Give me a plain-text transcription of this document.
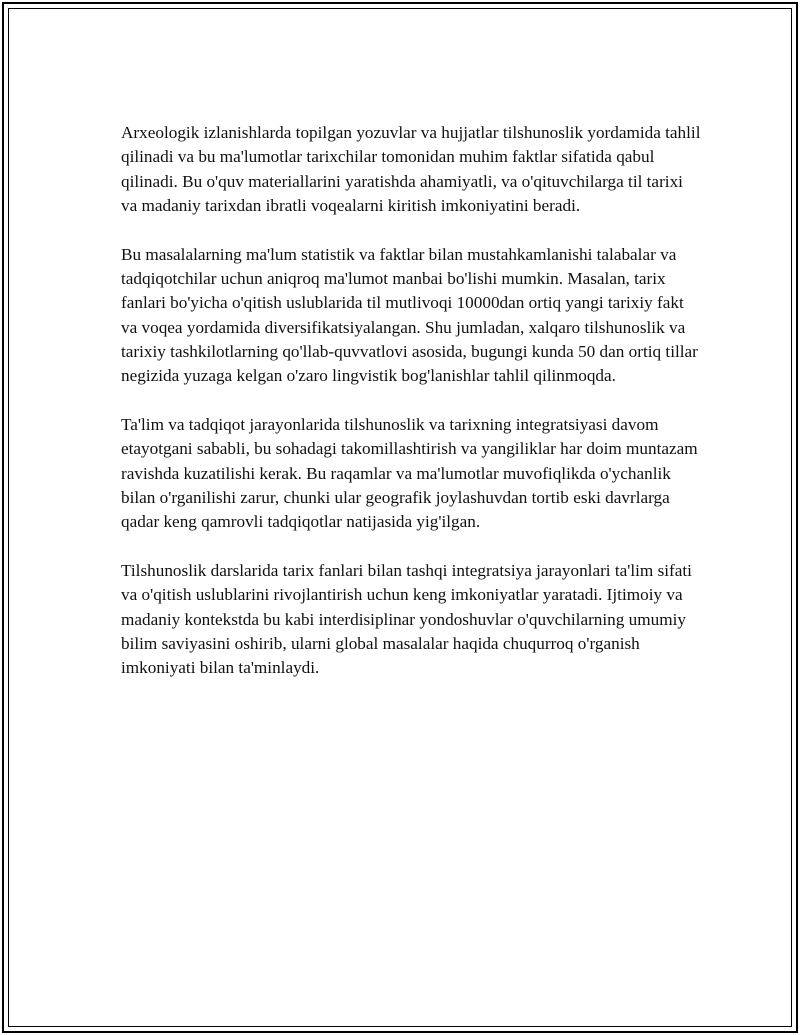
Arxeologik izlanishlarda topilgan yozuvlar va hujjatlar tilshunoslik yordamida tahlil qilinadi va bu ma'lumotlar tarixchilar tomonidan muhim faktlar sifatida qabul qilinadi. Bu o'quv materiallarini yaratishda ahamiyatli, va o'qituvchilarga til tarixi va madaniy tarixdan ibratli voqealarni kiritish imkoniyatini beradi.

Bu masalalarning ma'lum statistik va faktlar bilan mustahkamlanishi talabalar va tadqiqotchilar uchun aniqroq ma'lumot manbai bo'lishi mumkin. Masalan, tarix fanlari bo'yicha o'qitish uslublarida til mutlivoqi 10000dan ortiq yangi tarixiy fakt va voqea yordamida diversifikatsiyalangan. Shu jumladan, xalqaro tilshunoslik va tarixiy tashkilotlarning qo'llab-quvvatlovi asosida, bugungi kunda 50 dan ortiq tillar negizida yuzaga kelgan o'zaro lingvistik bog'lanishlar tahlil qilinmoqda.

Ta'lim va tadqiqot jarayonlarida tilshunoslik va tarixning integratsiyasi davom etayotgani sababli, bu sohadagi takomillashtirish va yangiliklar har doim muntazam ravishda kuzatilishi kerak. Bu raqamlar va ma'lumotlar muvofiqlikda o'ychanlik bilan o'rganilishi zarur, chunki ular geografik joylashuvdan tortib eski davrlarga qadar keng qamrovli tadqiqotlar natijasida yig'ilgan.

Tilshunoslik darslarida tarix fanlari bilan tashqi integratsiya jarayonlari ta'lim sifati va o'qitish uslublarini rivojlantirish uchun keng imkoniyatlar yaratadi. Ijtimoiy va madaniy kontekstda bu kabi interdisiplinar yondoshuvlar o'quvchilarning umumiy bilim saviyasini oshirib, ularni global masalalar haqida chuqurroq o'rganish imkoniyati bilan ta'minlaydi.
